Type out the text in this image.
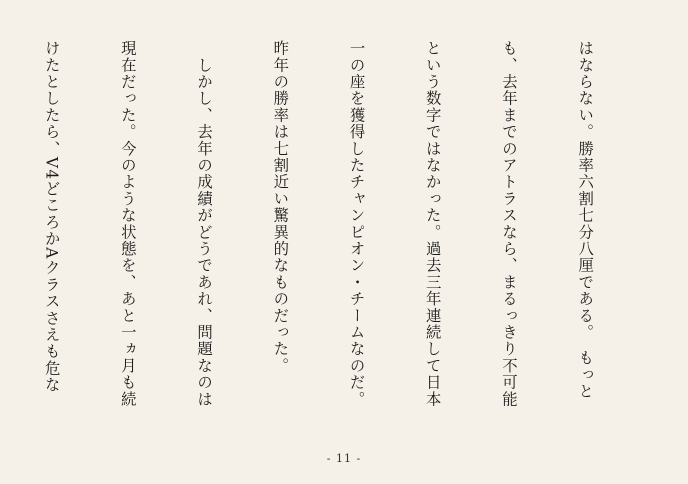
はならない。勝率六割七分八厘である。　もっと

も、去年までのアトラスなら、まるっきり不可能

という数字ではなかった。過去三年連続して日本

一の座を獲得したチャンピオン・チームなのだ。

昨年の勝率は七割近い驚異的なものだった。

　しかし、去年の成績がどうであれ、問題なのは

現在だった。今のような状態を、あと一ヵ月も続

けたとしたら、V4どころかAクラスさえも危な

- 11 -
